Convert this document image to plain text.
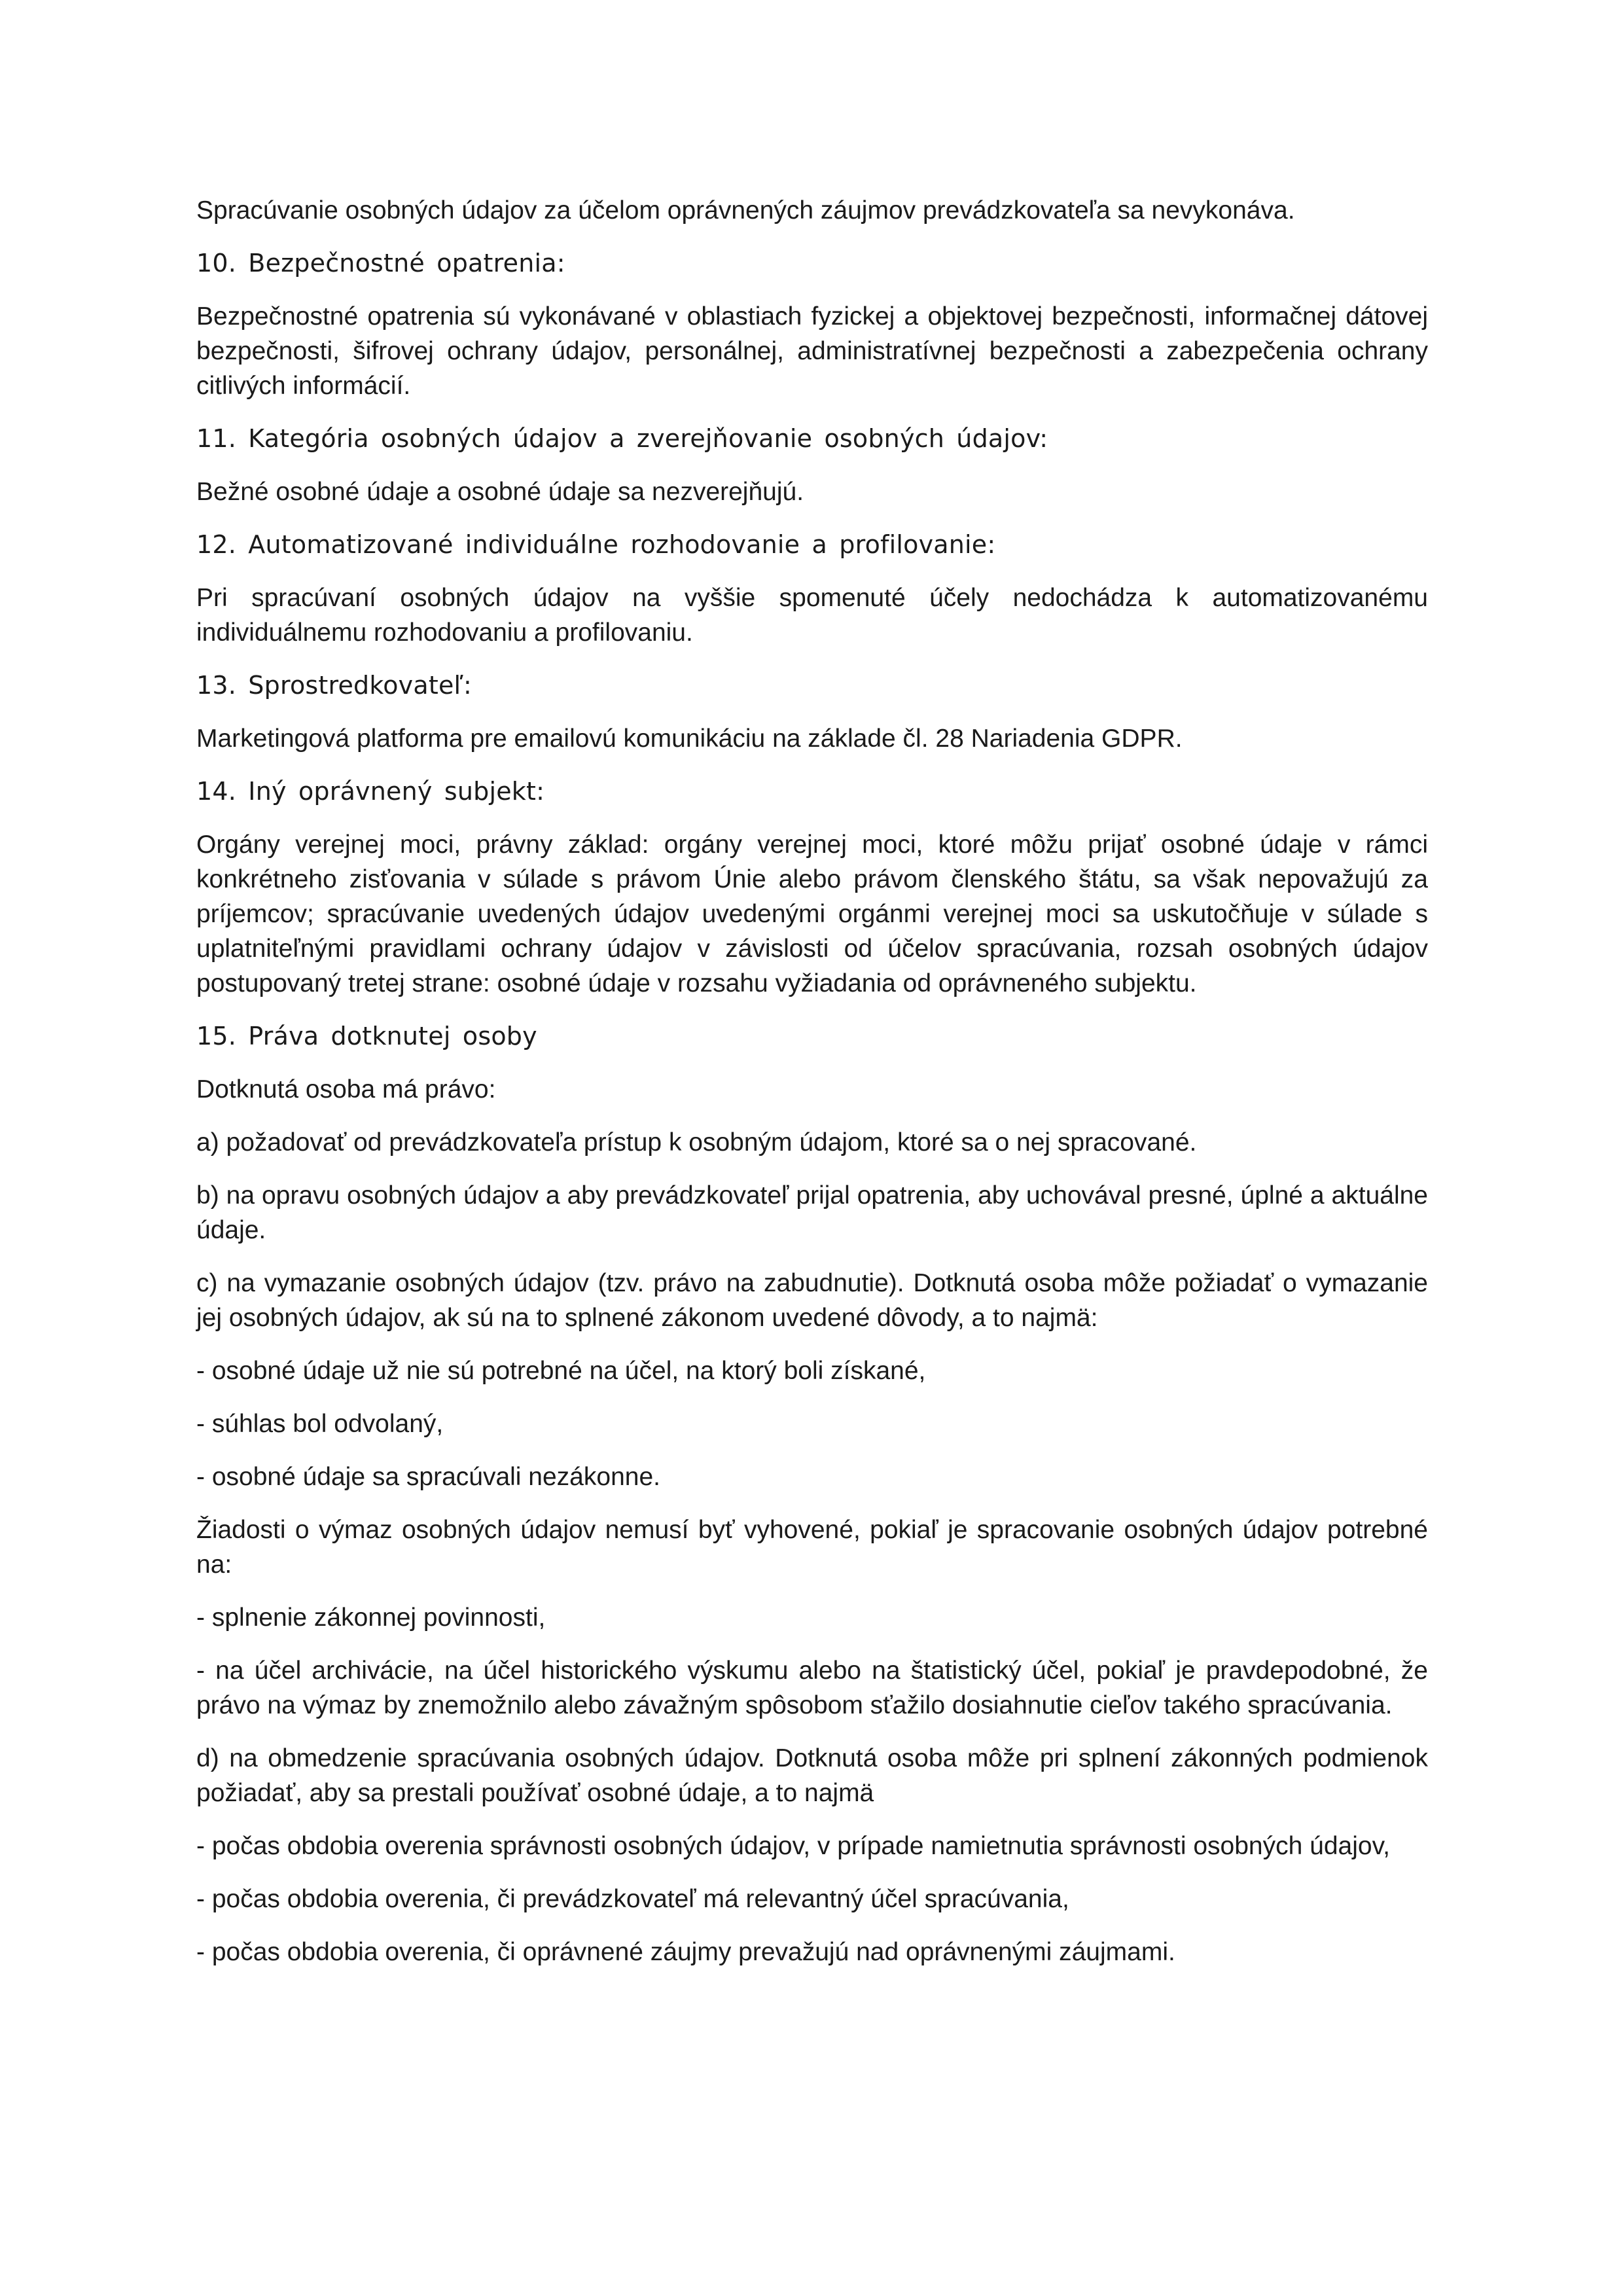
Spracúvanie osobných údajov za účelom oprávnených záujmov prevádzkovateľa sa nevykonáva.

10. Bezpečnostné opatrenia:

Bezpečnostné opatrenia sú vykonávané v oblastiach fyzickej a objektovej bezpečnosti, informačnej dátovej bezpečnosti, šifrovej ochrany údajov, personálnej, administratívnej bezpečnosti a zabezpečenia ochrany citlivých informácií.

11. Kategória osobných údajov a zverejňovanie osobných údajov:

Bežné osobné údaje a osobné údaje sa nezverejňujú.

12. Automatizované individuálne rozhodovanie a profilovanie:

Pri spracúvaní osobných údajov na vyššie spomenuté účely nedochádza k automatizovanému individuálnemu rozhodovaniu a profilovaniu.

13. Sprostredkovateľ:

Marketingová platforma pre emailovú komunikáciu na základe čl. 28 Nariadenia GDPR.

14. Iný oprávnený subjekt:

Orgány verejnej moci, právny základ: orgány verejnej moci, ktoré môžu prijať osobné údaje v rámci konkrétneho zisťovania v súlade s právom Únie alebo právom členského štátu, sa však nepovažujú za príjemcov; spracúvanie uvedených údajov uvedenými orgánmi verejnej moci sa uskutočňuje v súlade s uplatniteľnými pravidlami ochrany údajov v závislosti od účelov spracúvania, rozsah osobných údajov postupovaný tretej strane: osobné údaje v rozsahu vyžiadania od oprávneného subjektu.

15. Práva dotknutej osoby

Dotknutá osoba má právo:

a) požadovať od prevádzkovateľa prístup k osobným údajom, ktoré sa o nej spracované.

b) na opravu osobných údajov a aby prevádzkovateľ prijal opatrenia, aby uchovával presné, úplné a aktuálne údaje.

c) na vymazanie osobných údajov (tzv. právo na zabudnutie). Dotknutá osoba môže požiadať o vymazanie jej osobných údajov, ak sú na to splnené zákonom uvedené dôvody, a to najmä:

- osobné údaje už nie sú potrebné na účel, na ktorý boli získané,

- súhlas bol odvolaný,

- osobné údaje sa spracúvali nezákonne.

Žiadosti o výmaz osobných údajov nemusí byť vyhovené, pokiaľ je spracovanie osobných údajov potrebné na:

- splnenie zákonnej povinnosti,

- na účel archivácie, na účel historického výskumu alebo na štatistický účel, pokiaľ je pravdepodobné, že právo na výmaz by znemožnilo alebo závažným spôsobom sťažilo dosiahnutie cieľov takého spracúvania.

d) na obmedzenie spracúvania osobných údajov. Dotknutá osoba môže pri splnení zákonných podmienok požiadať, aby sa prestali používať osobné údaje, a to najmä

- počas obdobia overenia správnosti osobných údajov, v prípade namietnutia správnosti osobných údajov,

- počas obdobia overenia, či prevádzkovateľ má relevantný účel spracúvania,

- počas obdobia overenia, či oprávnené záujmy prevažujú nad oprávnenými záujmami.
